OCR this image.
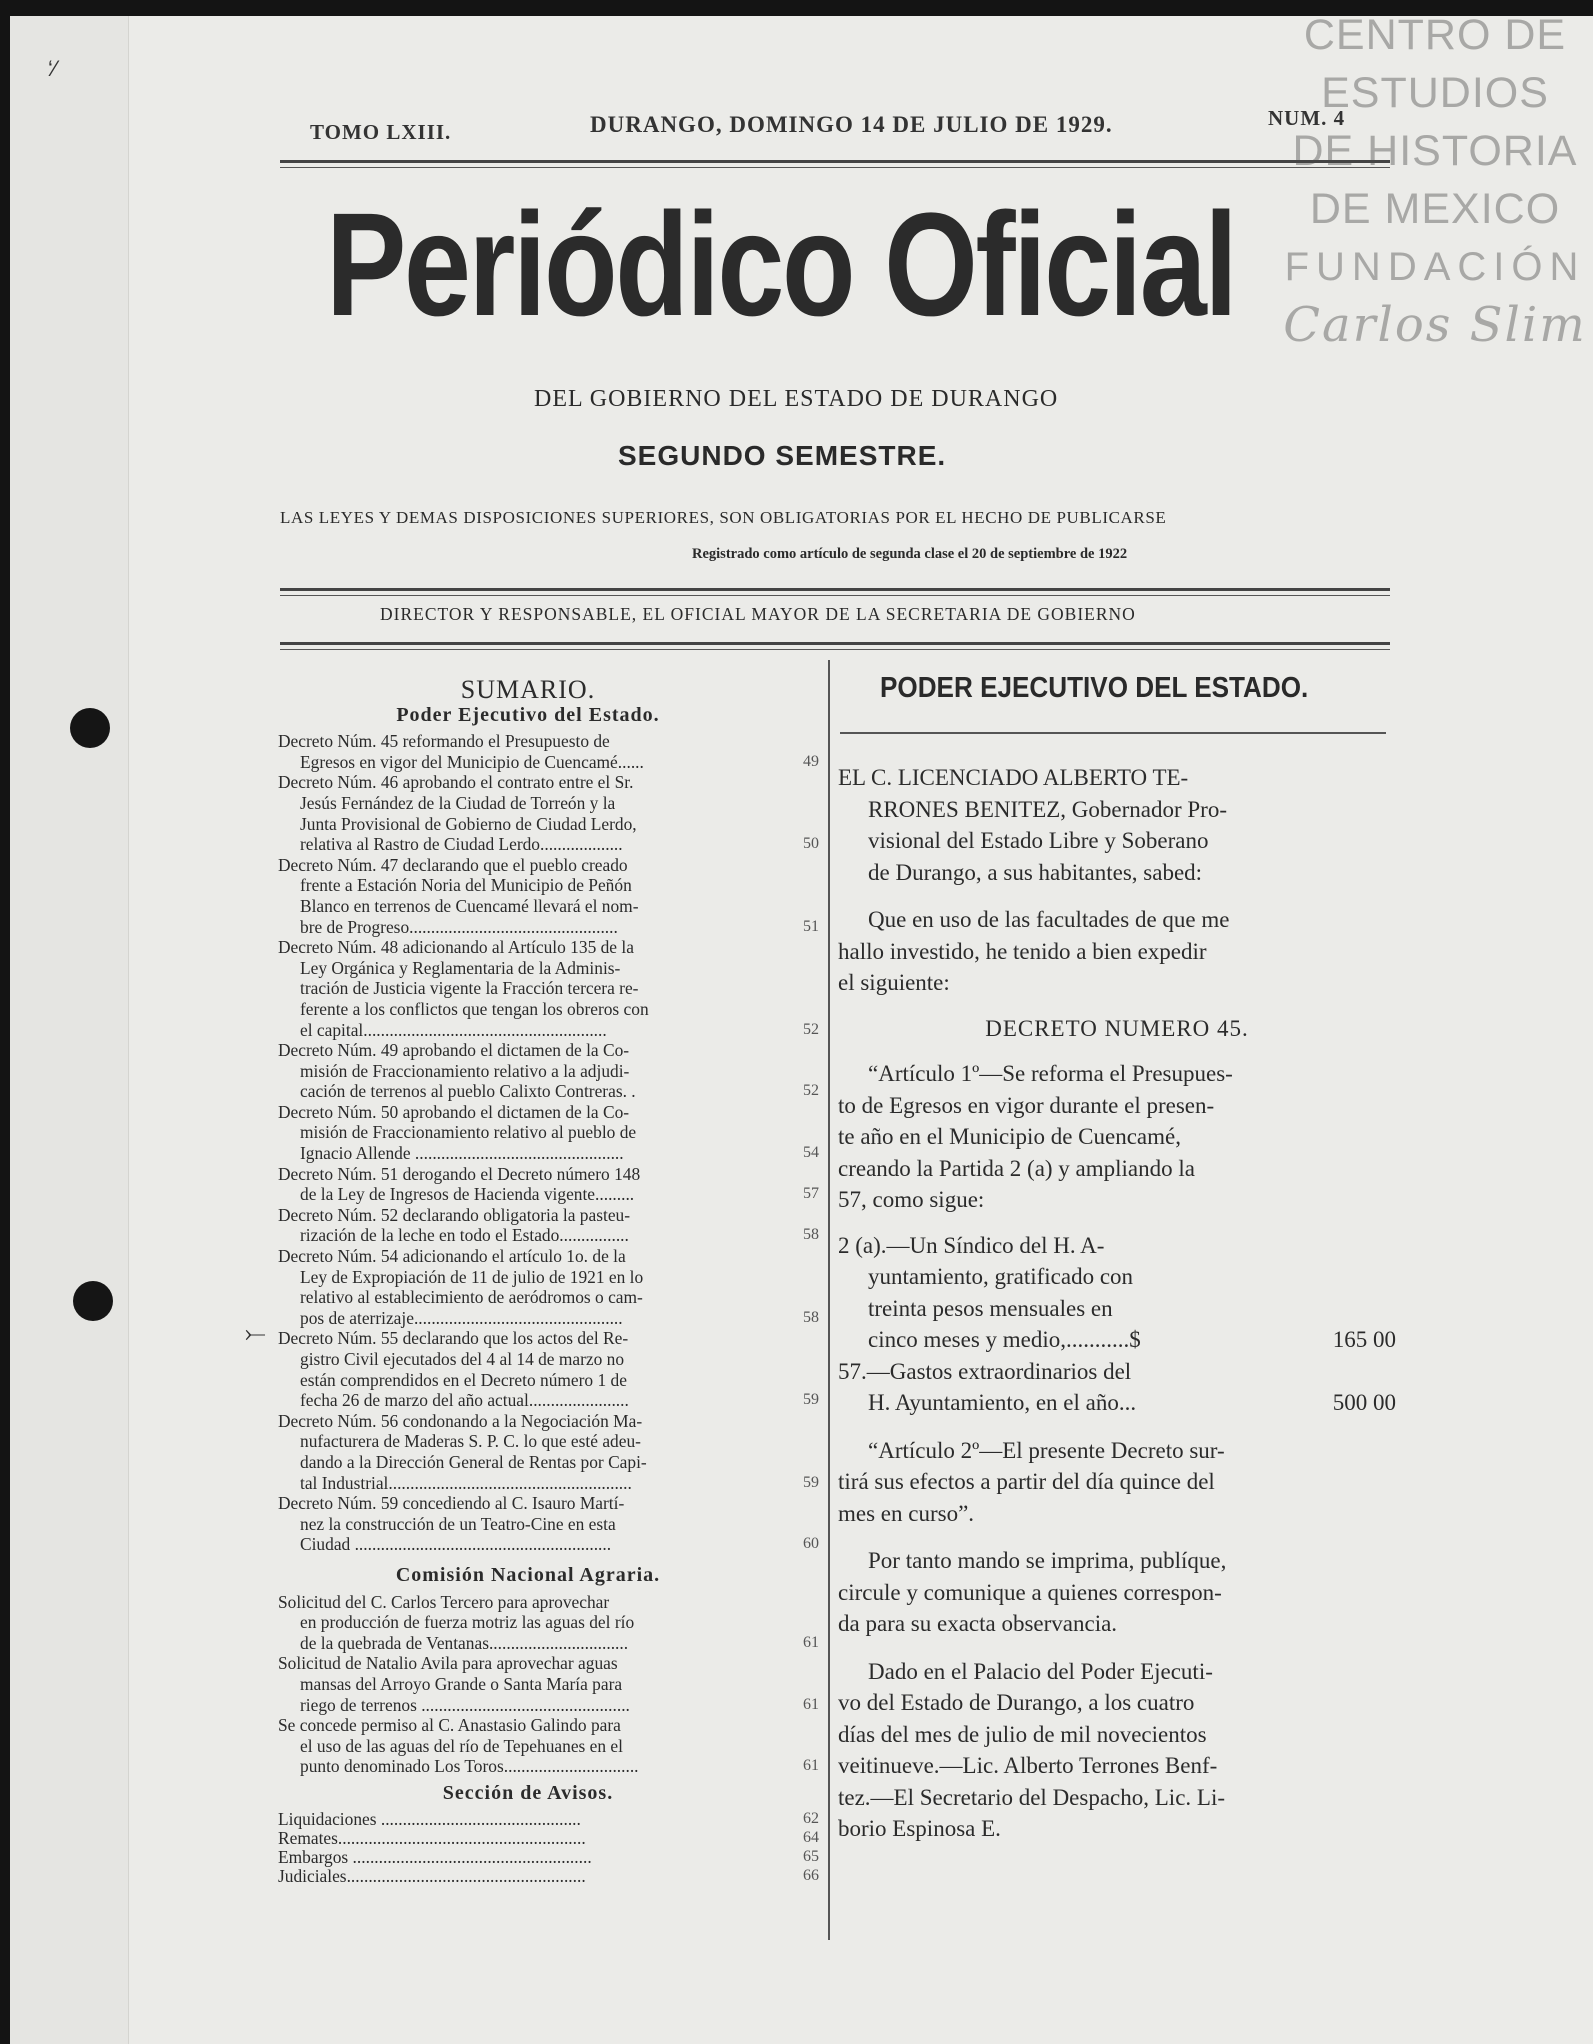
‘⁄
⤚
CENTRO DE
ESTUDIOS
DE HISTORIA
DE MEXICO
FUNDACIÓN
Carlos Slim
TOMO LXIII.	DURANGO, DOMINGO 14 DE JULIO DE 1929.	NUM. 4
Periódico Oficial
DEL GOBIERNO DEL ESTADO DE DURANGO
SEGUNDO SEMESTRE.
LAS LEYES Y DEMAS DISPOSICIONES SUPERIORES, SON OBLIGATORIAS POR EL HECHO DE PUBLICARSE
Registrado como artículo de segunda clase el 20 de septiembre de 1922
DIRECTOR Y RESPONSABLE, EL OFICIAL MAYOR DE LA SECRETARIA DE GOBIERNO
SUMARIO.
Poder Ejecutivo del Estado.
Decreto Núm. 45 reformando el Presupuesto de
Egresos en vigor del Municipio de Cuencamé......	49
Decreto Núm. 46 aprobando el contrato entre el Sr.
Jesús Fernández de la Ciudad de Torreón y la
Junta Provisional de Gobierno de Ciudad Lerdo,
relativa al Rastro de Ciudad Lerdo...................	50
Decreto Núm. 47 declarando que el pueblo creado
frente a Estación Noria del Municipio de Peñón
Blanco en terrenos de Cuencamé llevará el nom-
bre de Progreso................................................	51
Decreto Núm. 48 adicionando al Artículo 135 de la
Ley Orgánica y Reglamentaria de la Adminis-
tración de Justicia vigente la Fracción tercera re-
ferente a los conflictos que tengan los obreros con
el capital........................................................	52
Decreto Núm. 49 aprobando el dictamen de la Co-
misión de Fraccionamiento relativo a la adjudi-
cación de terrenos al pueblo Calixto Contreras. .	52
Decreto Núm. 50 aprobando el dictamen de la Co-
misión de Fraccionamiento relativo al pueblo de
Ignacio Allende ................................................	54
Decreto Núm. 51 derogando el Decreto número 148
de la Ley de Ingresos de Hacienda vigente.........	57
Decreto Núm. 52 declarando obligatoria la pasteu-
rización de la leche en todo el Estado................	58
Decreto Núm. 54 adicionando el artículo 1o. de la
Ley de Expropiación de 11 de julio de 1921 en lo
relativo al establecimiento de aeródromos o cam-
pos de aterrizaje................................................	58
Decreto Núm. 55 declarando que los actos del Re-
gistro Civil ejecutados del 4 al 14 de marzo no
están comprendidos en el Decreto número 1 de
fecha 26 de marzo del año actual.......................	59
Decreto Núm. 56 condonando a la Negociación Ma-
nufacturera de Maderas S. P. C. lo que esté adeu-
dando a la Dirección General de Rentas por Capi-
tal Industrial........................................................	59
Decreto Núm. 59 concediendo al C. Isauro Martí-
nez la construcción de un Teatro-Cine en esta
Ciudad ...........................................................	60
Comisión Nacional Agraria.
Solicitud del C. Carlos Tercero para aprovechar
en producción de fuerza motriz las aguas del río
de la quebrada de Ventanas................................	61
Solicitud de Natalio Avila para aprovechar aguas
mansas del Arroyo Grande o Santa María para
riego de terrenos ................................................	61
Se concede permiso al C. Anastasio Galindo para
el uso de las aguas del río de Tepehuanes en el
punto denominado Los Toros...............................	61
Sección de Avisos.
Liquidaciones ..............................................	62
Remates.........................................................	64
Embargos .......................................................	65
Judiciales.......................................................	66
PODER EJECUTIVO DEL ESTADO.
EL C. LICENCIADO ALBERTO TE-
RRONES BENITEZ, Gobernador Pro-
visional del Estado Libre y Soberano
de Durango, a sus habitantes, sabed:
Que en uso de las facultades de que me
hallo investido, he tenido a bien expedir
el siguiente:
DECRETO NUMERO 45.
“Artículo 1º—Se reforma el Presupues-
to de Egresos en vigor durante el presen-
te año en el Municipio de Cuencamé,
creando la Partida 2 (a) y ampliando la
57, como sigue:
2 (a).—Un Síndico del H. A-
yuntamiento, gratificado con
treinta pesos mensuales en
cinco meses y medio,...........$	165 00
57.—Gastos extraordinarios del
H. Ayuntamiento, en el año...	500 00
“Artículo 2º—El presente Decreto sur-
tirá sus efectos a partir del día quince del
mes en curso”.
Por tanto mando se imprima, publíque,
circule y comunique a quienes correspon-
da para su exacta observancia.
Dado en el Palacio del Poder Ejecuti-
vo del Estado de Durango, a los cuatro
días del mes de julio de mil novecientos
veitinueve.—Lic. Alberto Terrones Benf-
tez.—El Secretario del Despacho, Lic. Li-
borio Espinosa E.
